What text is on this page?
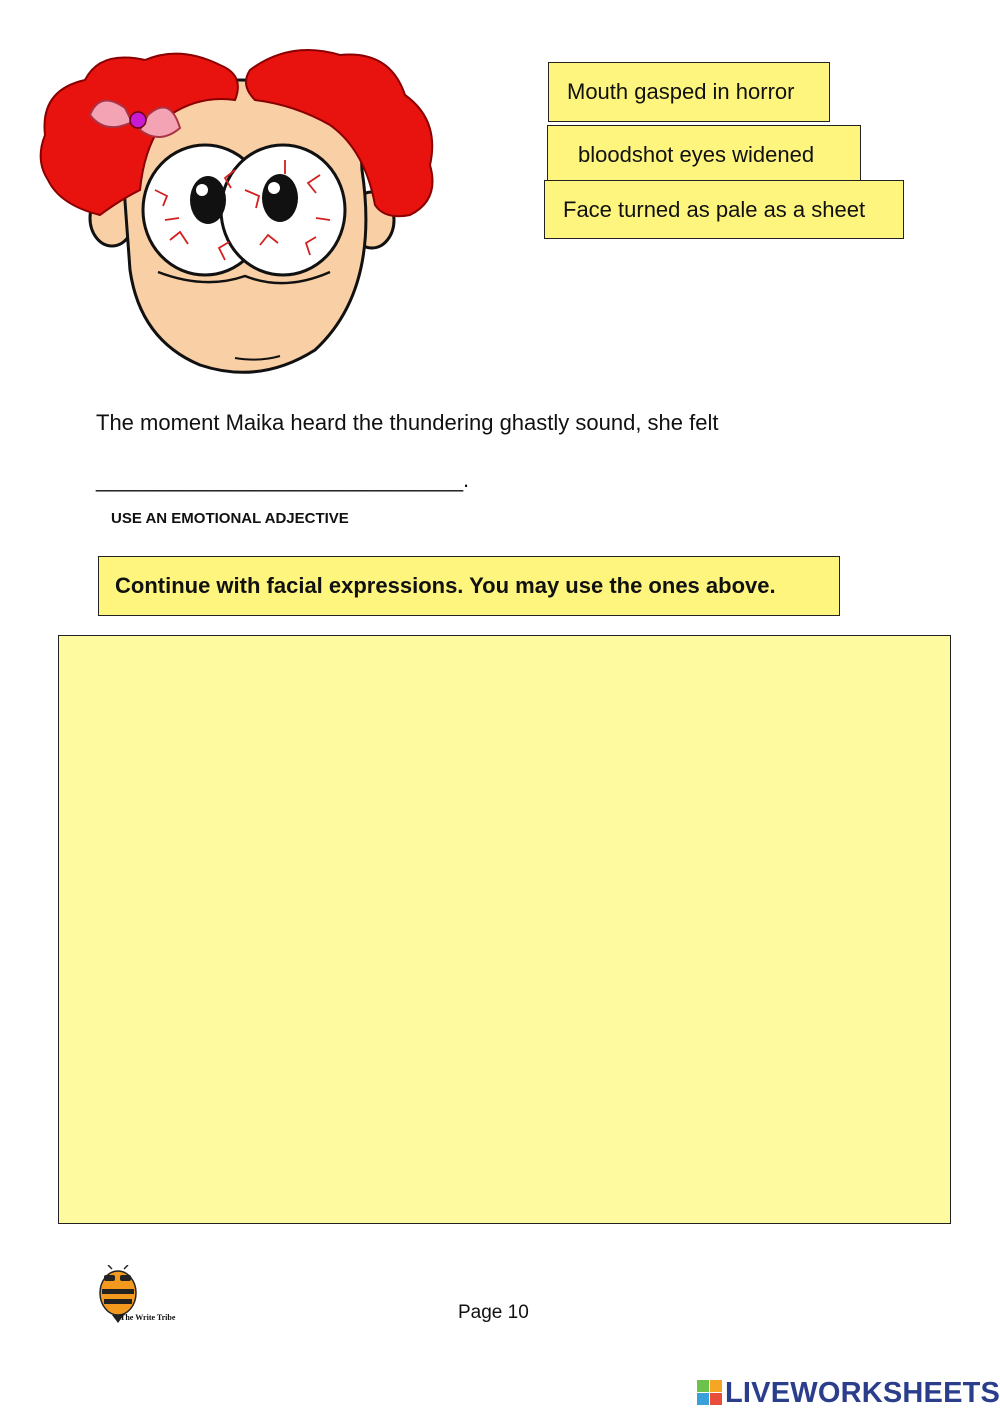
Mouth gasped in horror
bloodshot eyes widened
Face turned as pale as a sheet
The moment Maika heard the thundering ghastly sound, she felt
______________________________.
USE AN EMOTIONAL ADJECTIVE
Continue with facial expressions. You may use the ones above.
The Write Tribe	Page 10
LIVEWORKSHEETS
